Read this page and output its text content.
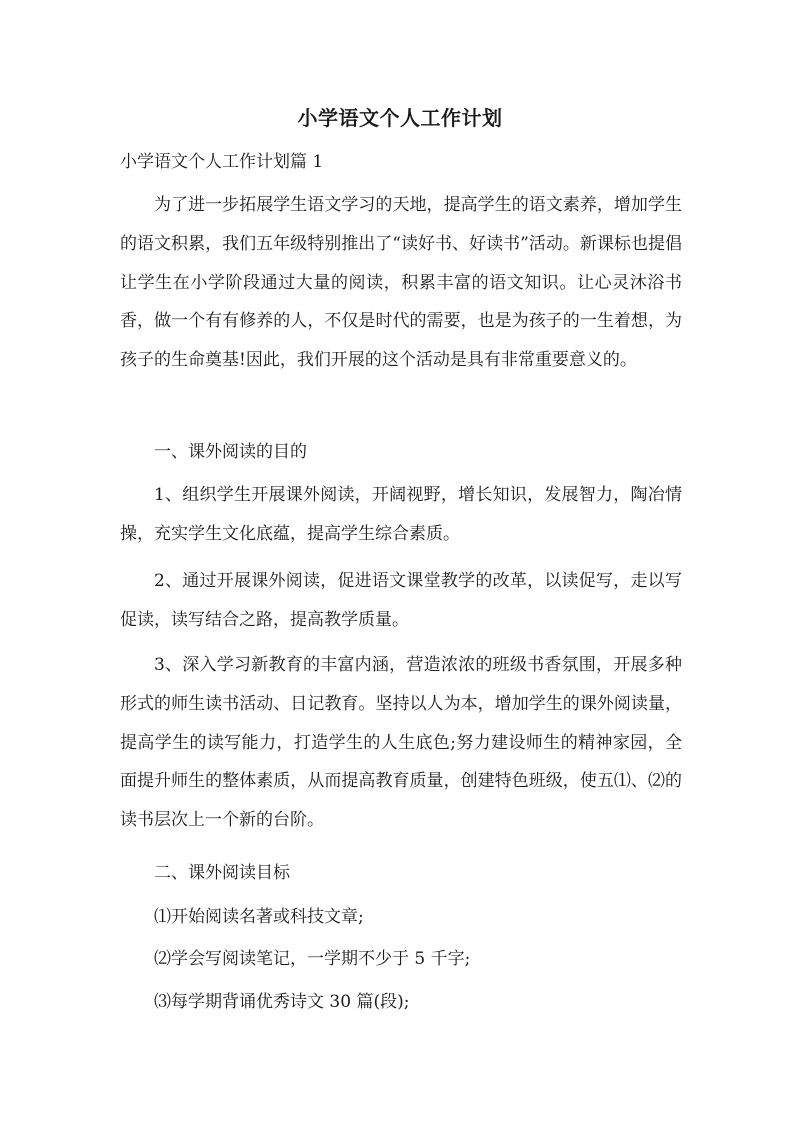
小学语文个人工作计划
小学语文个人工作计划篇 1
为了进一步拓展学生语文学习的天地，提高学生的语文素养，增加学生的语文积累，我们五年级特别推出了“读好书、好读书”活动。新课标也提倡让学生在小学阶段通过大量的阅读，积累丰富的语文知识。让心灵沐浴书香，做一个有有修养的人，不仅是时代的需要，也是为孩子的一生着想，为孩子的生命奠基!因此，我们开展的这个活动是具有非常重要意义的。
一、课外阅读的目的
1、组织学生开展课外阅读，开阔视野，增长知识，发展智力，陶冶情操，充实学生文化底蕴，提高学生综合素质。
2、通过开展课外阅读，促进语文课堂教学的改革，以读促写，走以写促读，读写结合之路，提高教学质量。
3、深入学习新教育的丰富内涵，营造浓浓的班级书香氛围，开展多种形式的师生读书活动、日记教育。坚持以人为本，增加学生的课外阅读量，提高学生的读写能力，打造学生的人生底色;努力建设师生的精神家园，全面提升师生的整体素质，从而提高教育质量，创建特色班级，使五⑴、⑵的读书层次上一个新的台阶。
二、课外阅读目标
⑴开始阅读名著或科技文章;
⑵学会写阅读笔记，一学期不少于 5 千字;
⑶每学期背诵优秀诗文 30 篇(段);
